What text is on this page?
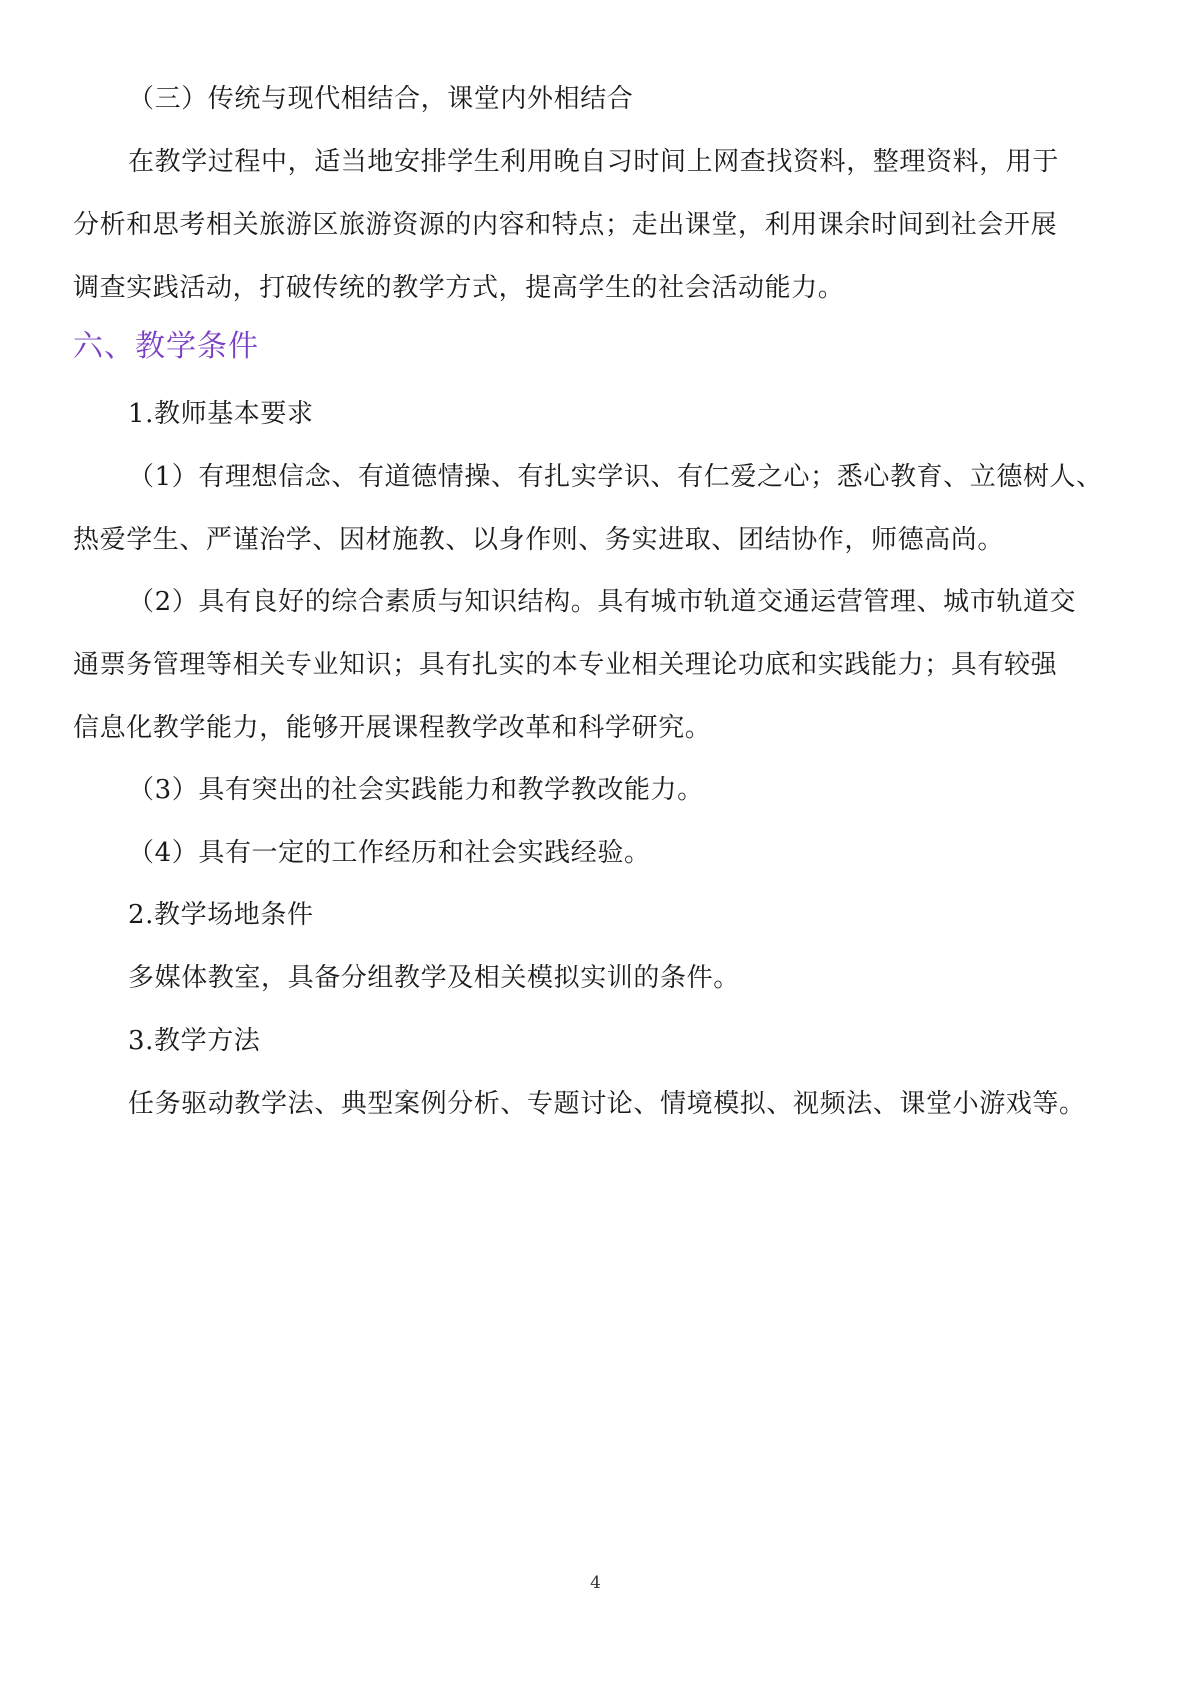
（三）传统与现代相结合，课堂内外相结合
在教学过程中，适当地安排学生利用晚自习时间上网查找资料，整理资料，用于
分析和思考相关旅游区旅游资源的内容和特点；走出课堂，利用课余时间到社会开展
调查实践活动，打破传统的教学方式，提高学生的社会活动能力。
六、教学条件
1.教师基本要求
（1）有理想信念、有道德情操、有扎实学识、有仁爱之心；悉心教育、立德树人、
热爱学生、严谨治学、因材施教、以身作则、务实进取、团结协作，师德高尚。
（2）具有良好的综合素质与知识结构。具有城市轨道交通运营管理、城市轨道交
通票务管理等相关专业知识；具有扎实的本专业相关理论功底和实践能力；具有较强
信息化教学能力，能够开展课程教学改革和科学研究。
（3）具有突出的社会实践能力和教学教改能力。
（4）具有一定的工作经历和社会实践经验。
2.教学场地条件
多媒体教室，具备分组教学及相关模拟实训的条件。
3.教学方法
任务驱动教学法、典型案例分析、专题讨论、情境模拟、视频法、课堂小游戏等。
4
